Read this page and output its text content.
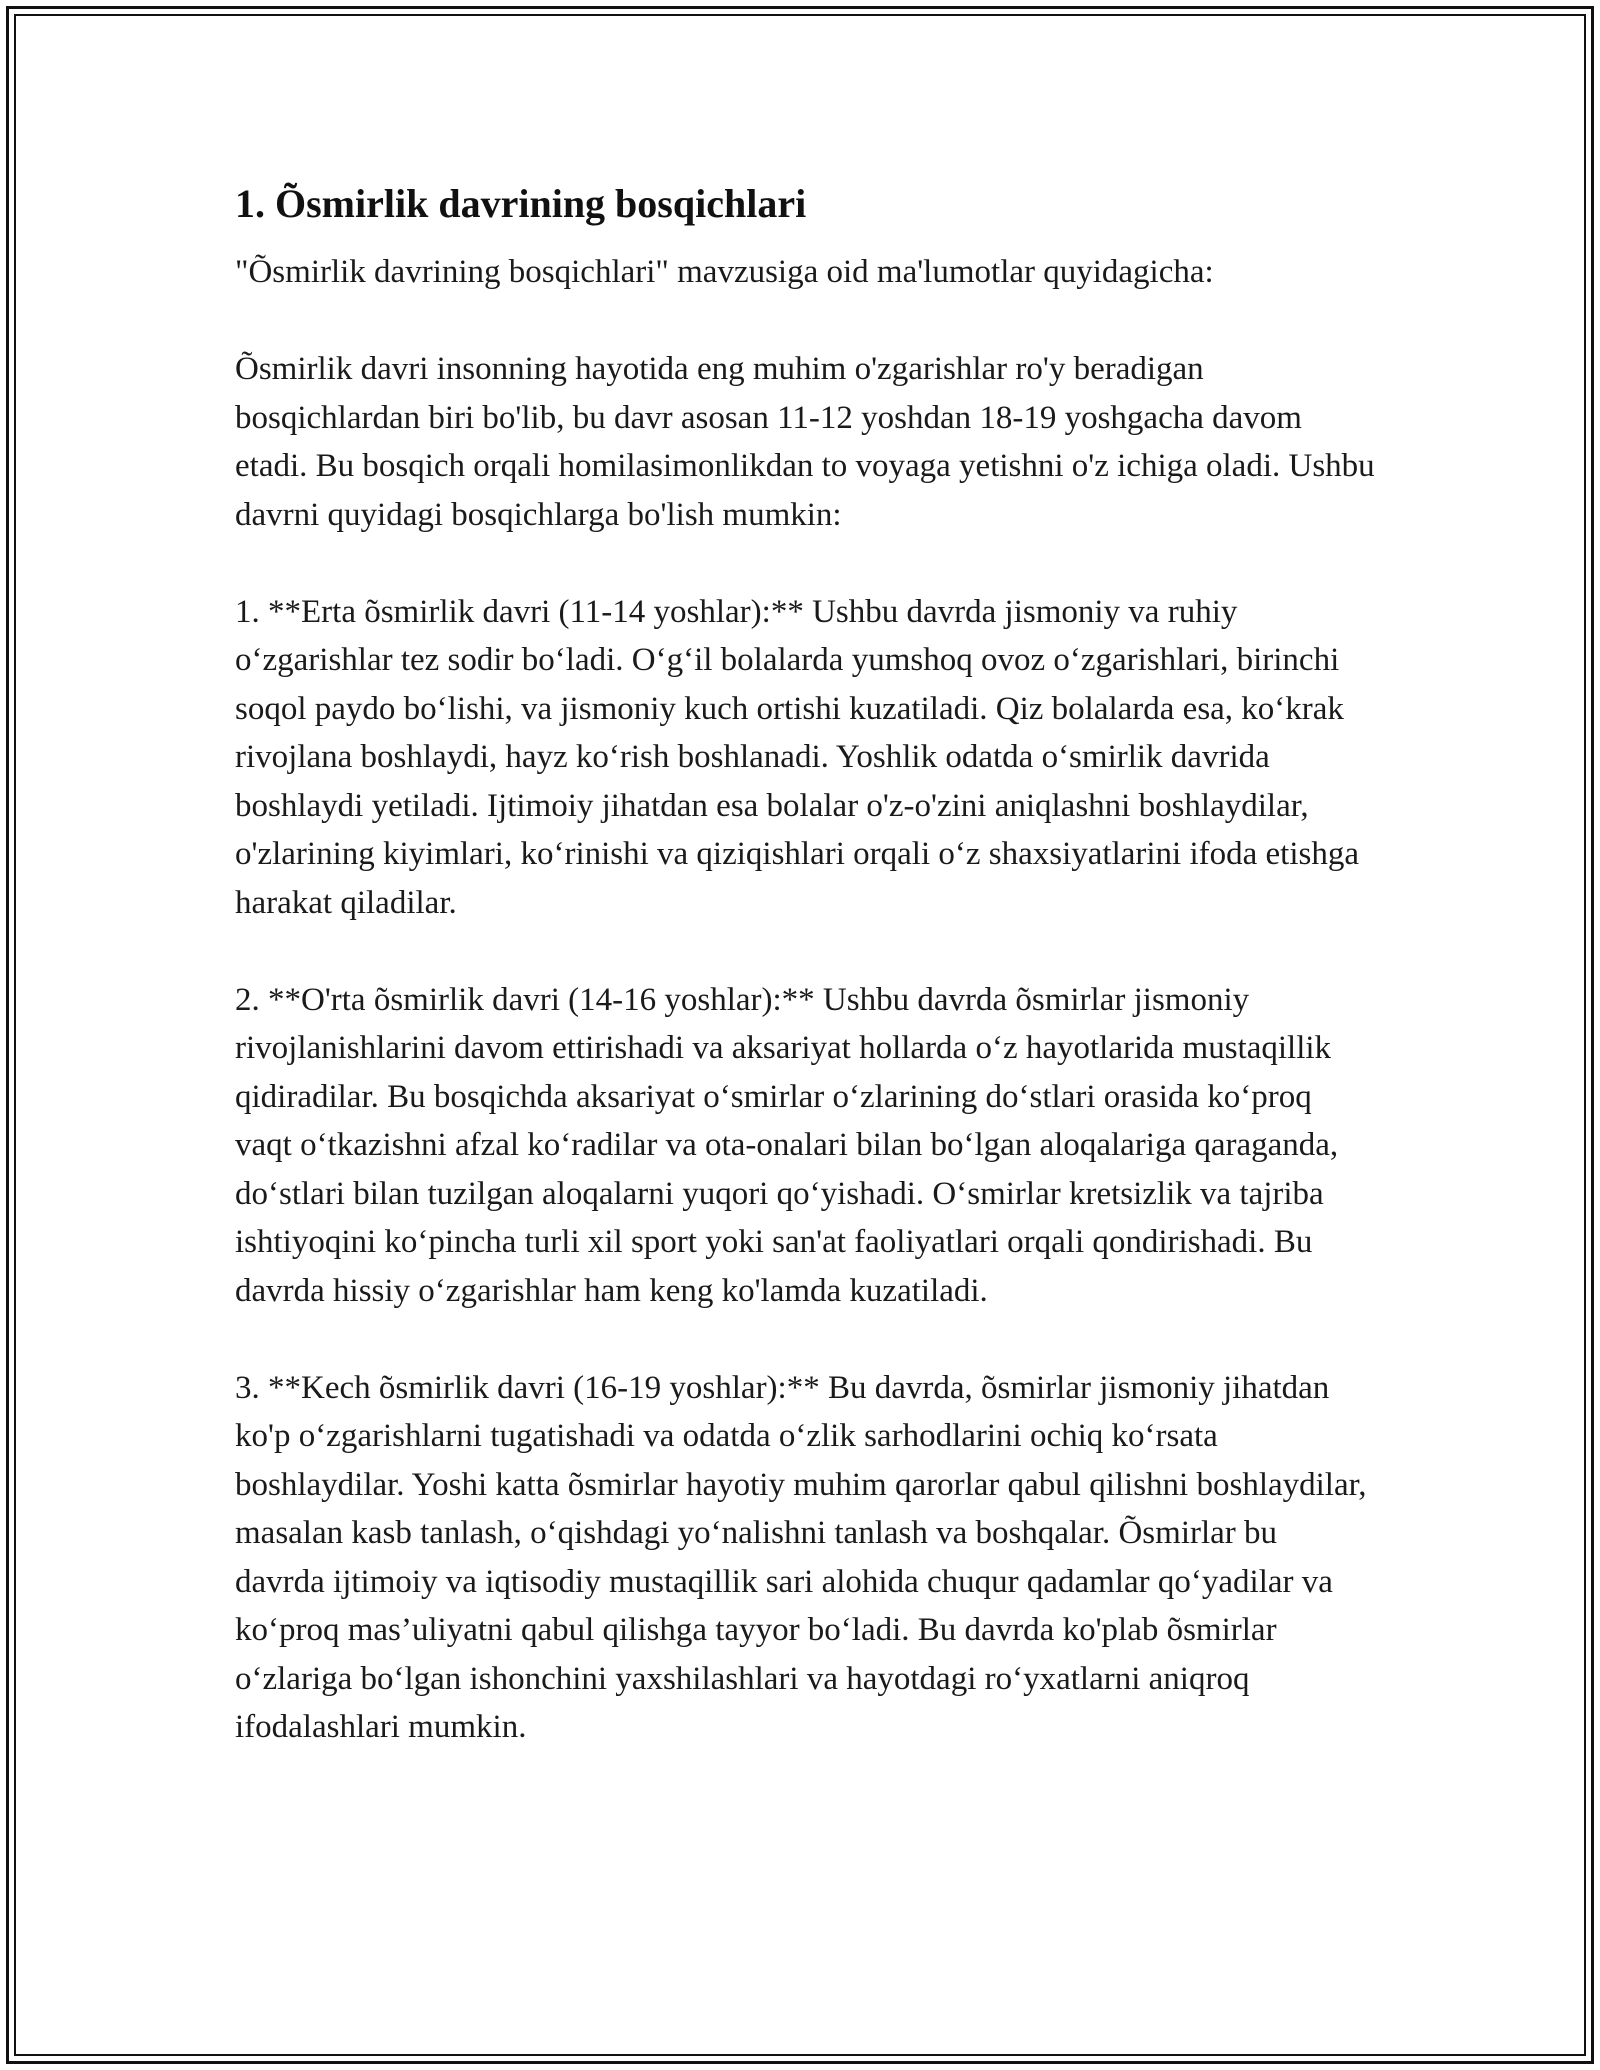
1. Õsmirlik davrining bosqichlari

"Õsmirlik davrining bosqichlari" mavzusiga oid ma'lumotlar quyidagicha:

Õsmirlik davri insonning hayotida eng muhim o'zgarishlar ro'y beradigan bosqichlardan biri bo'lib, bu davr asosan 11-12 yoshdan 18-19 yoshgacha davom etadi. Bu bosqich orqali homilasimonlikdan to voyaga yetishni o'z ichiga oladi. Ushbu davrni quyidagi bosqichlarga bo'lish mumkin:

1. **Erta õsmirlik davri (11-14 yoshlar):** Ushbu davrda jismoniy va ruhiy o‘zgarishlar tez sodir bo‘ladi. O‘g‘il bolalarda yumshoq ovoz o‘zgarishlari, birinchi soqol paydo bo‘lishi, va jismoniy kuch ortishi kuzatiladi. Qiz bolalarda esa, ko‘krak rivojlana boshlaydi, hayz ko‘rish boshlanadi. Yoshlik odatda o‘smirlik davrida boshlaydi yetiladi. Ijtimoiy jihatdan esa bolalar o'z-o'zini aniqlashni boshlaydilar, o'zlarining kiyimlari, ko‘rinishi va qiziqishlari orqali o‘z shaxsiyatlarini ifoda etishga harakat qiladilar.

2. **O'rta õsmirlik davri (14-16 yoshlar):** Ushbu davrda õsmirlar jismoniy rivojlanishlarini davom ettirishadi va aksariyat hollarda o‘z hayotlarida mustaqillik qidiradilar. Bu bosqichda aksariyat o‘smirlar o‘zlarining do‘stlari orasida ko‘proq vaqt o‘tkazishni afzal ko‘radilar va ota-onalari bilan bo‘lgan aloqalariga qaraganda, do‘stlari bilan tuzilgan aloqalarni yuqori qo‘yishadi. O‘smirlar kretsizlik va tajriba ishtiyoqini ko‘pincha turli xil sport yoki san'at faoliyatlari orqali qondirishadi. Bu davrda hissiy o‘zgarishlar ham keng ko'lamda kuzatiladi.

3. **Kech õsmirlik davri (16-19 yoshlar):** Bu davrda, õsmirlar jismoniy jihatdan ko'p o‘zgarishlarni tugatishadi va odatda o‘zlik sarhodlarini ochiq ko‘rsata boshlaydilar. Yoshi katta õsmirlar hayotiy muhim qarorlar qabul qilishni boshlaydilar, masalan kasb tanlash, o‘qishdagi yo‘nalishni tanlash va boshqalar. Õsmirlar bu davrda ijtimoiy va iqtisodiy mustaqillik sari alohida chuqur qadamlar qo‘yadilar va ko‘proq mas’uliyatni qabul qilishga tayyor bo‘ladi. Bu davrda ko'plab õsmirlar o‘zlariga bo‘lgan ishonchini yaxshilashlari va hayotdagi ro‘yxatlarni aniqroq ifodalashlari mumkin.
